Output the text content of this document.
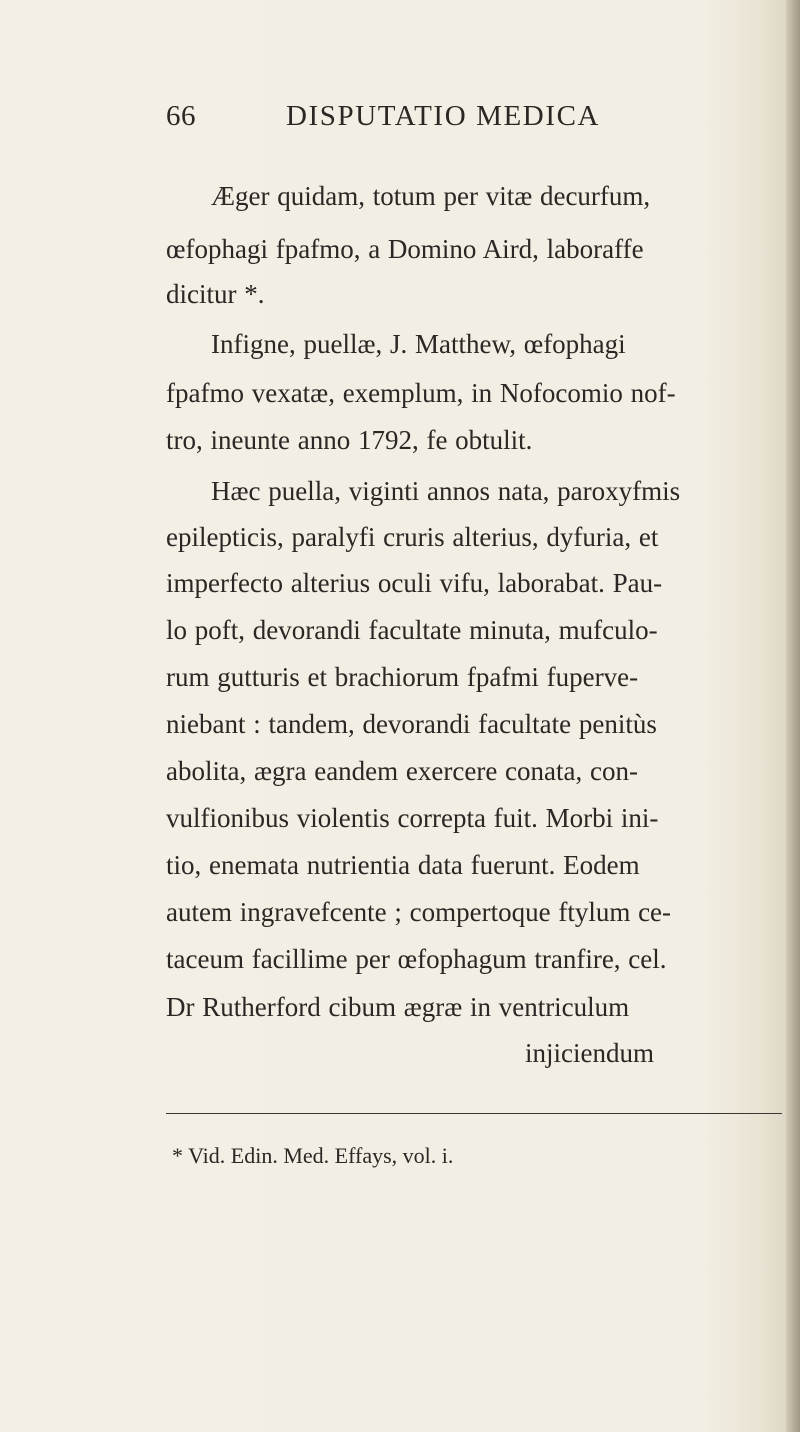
66	DISPUTATIO MEDICA
Æger quidam, totum per vitæ decurfum,
œfophagi fpafmo, a Domino Aird, laboraffe
dicitur *.
Infigne, puellæ, J. Matthew, œfophagi
fpafmo vexatæ, exemplum, in Nofocomio nof-
tro, ineunte anno 1792, fe obtulit.
Hæc puella, viginti annos nata, paroxyfmis
epilepticis, paralyfi cruris alterius, dyfuria, et
imperfecto alterius oculi vifu, laborabat. Pau-
lo poft, devorandi facultate minuta, mufculo-
rum gutturis et brachiorum fpafmi fuperve-
niebant : tandem, devorandi facultate penitùs
abolita, ægra eandem exercere conata, con-
vulfionibus violentis correpta fuit. Morbi ini-
tio, enemata nutrientia data fuerunt. Eodem
autem ingravefcente ; compertoque ftylum ce-
taceum facillime per œfophagum tranfire, cel.
Dr Rutherford cibum ægræ in ventriculum
injiciendum
* Vid. Edin. Med. Effays, vol. i.
